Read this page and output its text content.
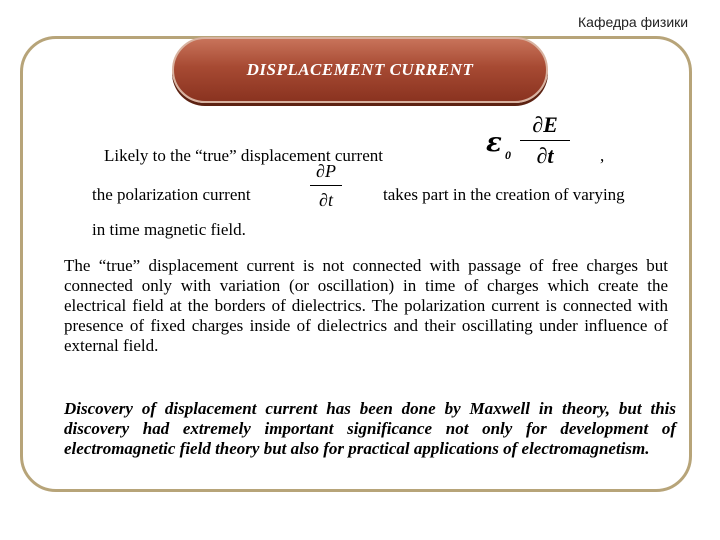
Кафедра физики
DISPLACEMENT CURRENT
Likely to the “true” displacement current	ε 0
∂E
∂t	,
the polarization current
∂P
∂t	takes part in the creation of varying
in time magnetic field.
The “true” displacement current is not connected with passage of free charges but connected only with variation (or oscillation) in time of charges which create the electrical field at the borders of dielectrics. The polarization current is connected with presence of fixed charges inside of dielectrics and their oscillating under influence of external field.
Discovery of displacement current has been done by Maxwell in theory, but this discovery had extremely important significance not only for development of electromagnetic field theory but also for practical applications of electromagnetism.
